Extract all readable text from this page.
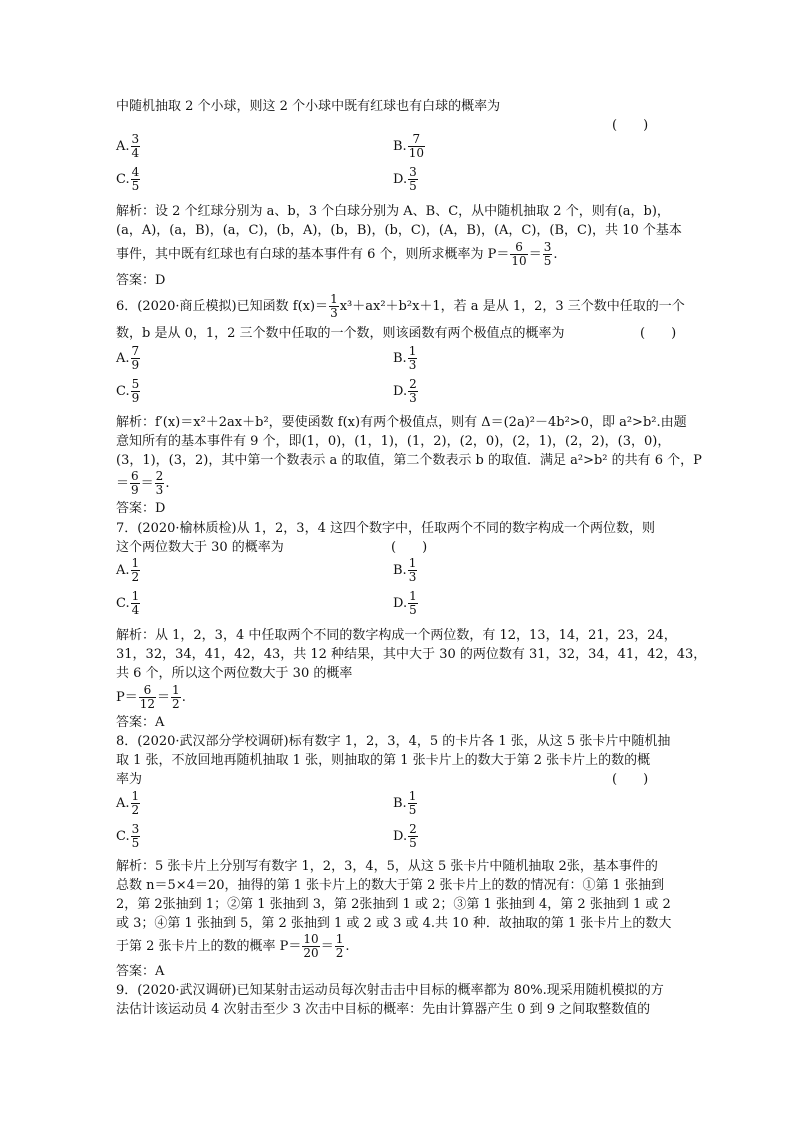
中随机抽取 2 个小球，则这 2 个小球中既有红球也有白球的概率为
(　　)
A. $\frac{3}{4}$	B. $\frac{7}{10}$
C. $\frac{4}{5}$	D. $\frac{3}{5}$
解析：设 2 个红球分别为 a、b，3 个白球分别为 A、B、C，从中随机抽取 2 个，则有(a，b)，
(a，A)，(a，B)，(a，C)，(b，A)，(b，B)，(b，C)，(A，B)，(A，C)，(B，C)，共 10 个基本
事件，其中既有红球也有白球的基本事件有 6 个，则所求概率为 $P= \frac{6}{10} = \frac{3}{5}$ .
答案：D
6．(2020·商丘模拟)已知函数 $f(x)= \frac{1}{3} x^3+ax^2+b^2x+1$，若 a 是从 1，2，3 三个数中任取的一个
数，b 是从 0，1，2 三个数中任取的一个数，则该函数有两个极值点的概率为	(　　)
A. $\frac{7}{9}$	B. $\frac{1}{3}$
C. $\frac{5}{9}$	D. $\frac{2}{3}$
解析：f′(x)＝x²＋2ax＋b²，要使函数 f(x)有两个极值点，则有 Δ＝(2a)²－4b²>0，即 a²>b².由题
意知所有的基本事件有 9 个，即(1，0)，(1，1)，(1，2)，(2，0)，(2，1)，(2，2)，(3，0)，
(3，1)，(3，2)，其中第一个数表示 a 的取值，第二个数表示 b 的取值．满足 a²>b² 的共有 6 个，P
＝ $\frac{6}{9} = \frac{2}{3}$ .
答案：D
7．(2020·榆林质检)从 1，2，3，4 这四个数字中，任取两个不同的数字构成一个两位数，则
这个两位数大于 30 的概率为	(　　)
A. $\frac{1}{2}$	B. $\frac{1}{3}$
C. $\frac{1}{4}$	D. $\frac{1}{5}$
解析：从 1，2，3，4 中任取两个不同的数字构成一个两位数，有 12，13，14，21，23，24，
31，32，34，41，42，43，共 12 种结果，其中大于 30 的两位数有 31，32，34，41，42，43，
共 6 个，所以这个两位数大于 30 的概率
$P= \frac{6}{12} = \frac{1}{2}$ .
答案：A
8．(2020·武汉部分学校调研)标有数字 1，2，3，4，5 的卡片各 1 张，从这 5 张卡片中随机抽
取 1 张，不放回地再随机抽取 1 张，则抽取的第 1 张卡片上的数大于第 2 张卡片上的数的概
率为	(　　)
A. $\frac{1}{2}$	B. $\frac{1}{5}$
C. $\frac{3}{5}$	D. $\frac{2}{5}$
解析：5 张卡片上分别写有数字 1，2，3，4，5，从这 5 张卡片中随机抽取 2张，基本事件的
总数 n＝5×4＝20，抽得的第 1 张卡片上的数大于第 2 张卡片上的数的情况有：①第 1 张抽到
2，第 2张抽到 1；②第 1 张抽到 3，第 2张抽到 1 或 2；③第 1 张抽到 4，第 2 张抽到 1 或 2
或 3；④第 1 张抽到 5，第 2 张抽到 1 或 2 或 3 或 4.共 10 种．故抽取的第 1 张卡片上的数大
于第 2 张卡片上的数的概率 $P= \frac{10}{20} = \frac{1}{2}$ .
答案：A
9．(2020·武汉调研)已知某射击运动员每次射击击中目标的概率都为 80%.现采用随机模拟的方
法估计该运动员 4 次射击至少 3 次击中目标的概率：先由计算器产生 0 到 9 之间取整数值的
